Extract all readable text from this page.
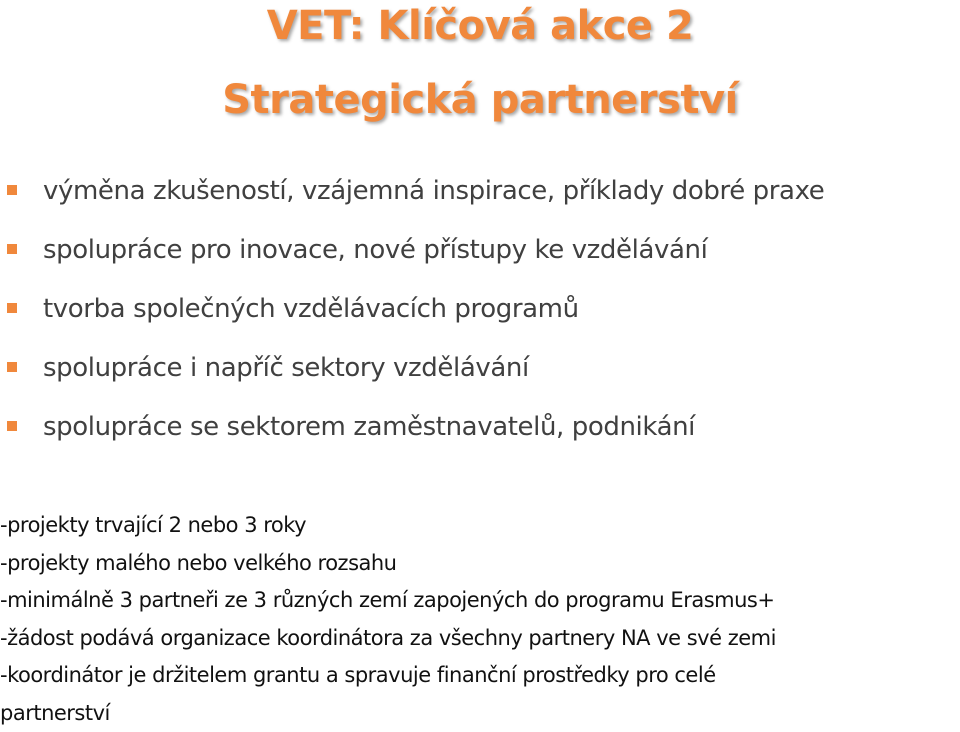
VET: Klíčová akce 2
Strategická partnerství
výměna zkušeností, vzájemná inspirace, příklady dobré praxe
spolupráce pro inovace, nové přístupy ke vzdělávání
tvorba společných vzdělávacích programů
spolupráce i napříč sektory vzdělávání
spolupráce se sektorem zaměstnavatelů, podnikání
-projekty trvající 2 nebo 3 roky
-projekty malého nebo velkého rozsahu
-minimálně 3 partneři ze 3 různých zemí zapojených do programu Erasmus+
-žádost podává organizace koordinátora za všechny partnery NA ve své zemi
-koordinátor je držitelem grantu a spravuje finanční prostředky pro celé
partnerství
